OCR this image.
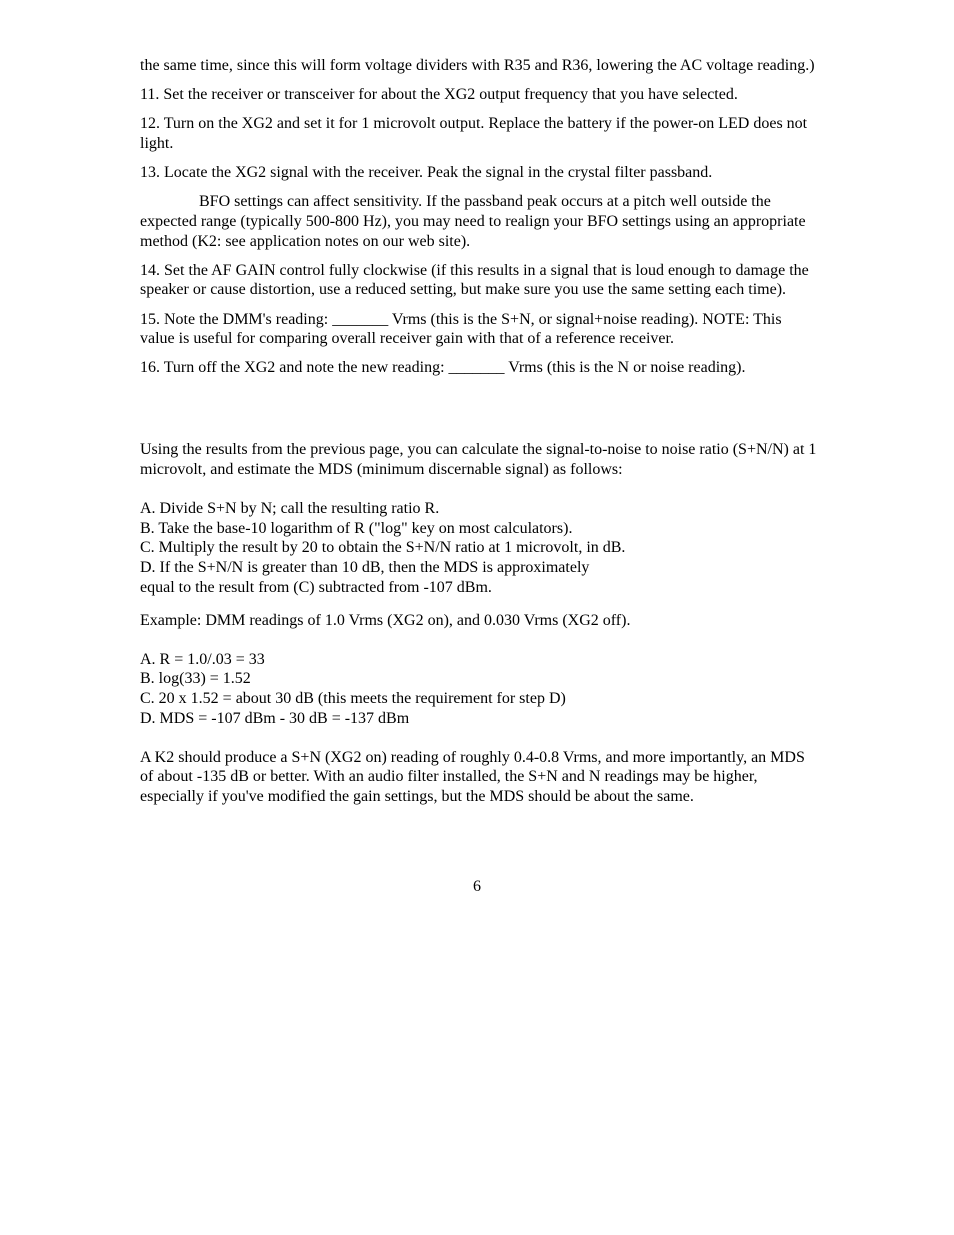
the same time, since this will form voltage dividers with R35 and R36, lowering the AC voltage reading.)

11. Set the receiver or transceiver for about the XG2 output frequency that you have selected.

12. Turn on the XG2 and set it for 1 microvolt output. Replace the battery if the power-on LED does not light.

13. Locate the XG2 signal with the receiver. Peak the signal in the crystal filter passband.

BFO settings can affect sensitivity. If the passband peak occurs at a pitch well outside the expected range (typically 500-800 Hz), you may need to realign your BFO settings using an appropriate method (K2: see application notes on our web site).

14. Set the AF GAIN control fully clockwise (if this results in a signal that is loud enough to damage the speaker or cause distortion, use a reduced setting, but make sure you use the same setting each time).

15. Note the DMM's reading: _______ Vrms (this is the S+N, or signal+noise reading). NOTE: This value is useful for comparing overall receiver gain with that of a reference receiver.

16. Turn off the XG2 and note the new reading: _______ Vrms (this is the N or noise reading).

Using the results from the previous page, you can calculate the signal-to-noise to noise ratio (S+N/N) at 1 microvolt, and estimate the MDS (minimum discernable signal) as follows:

A. Divide S+N by N; call the resulting ratio R.
B. Take the base-10 logarithm of R ("log" key on most calculators).
C. Multiply the result by 20 to obtain the S+N/N ratio at 1 microvolt, in dB.
D. If the S+N/N is greater than 10 dB, then the MDS is approximately
equal to the result from (C) subtracted from -107 dBm.

Example: DMM readings of 1.0 Vrms (XG2 on), and 0.030 Vrms (XG2 off).

A. R = 1.0/.03 = 33
B. log(33) = 1.52
C. 20 x 1.52 = about 30 dB (this meets the requirement for step D)
D. MDS = -107 dBm - 30 dB = -137 dBm

A K2 should produce a S+N (XG2 on) reading of roughly 0.4-0.8 Vrms, and more importantly, an MDS of about -135 dB or better. With an audio filter installed, the S+N and N readings may be higher, especially if you've modified the gain settings, but the MDS should be about the same.

6
